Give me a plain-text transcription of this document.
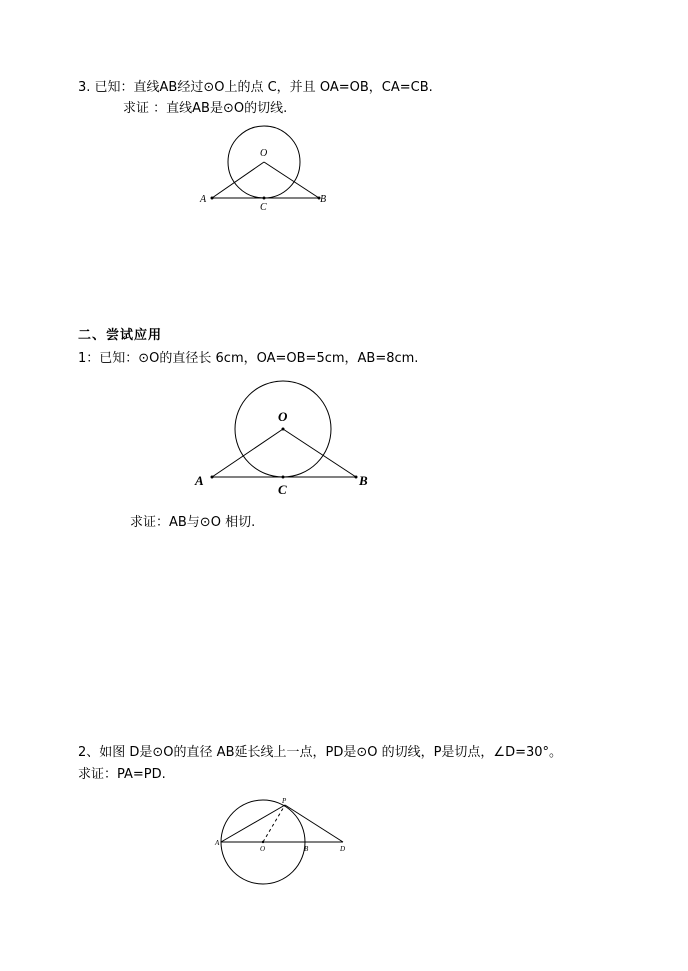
3. 已知：直线AB经过⊙O上的点 C，并且 OA=OB，CA=CB.
求证 ：直线AB是⊙O的切线.
O
A	B
C
二、尝试应用
1：已知：⊙O的直径长 6cm，OA=OB=5cm，AB=8cm.
O
A	B
C
求证：AB与⊙O 相切.
2、如图 D是⊙O的直径 AB延长线上一点，PD是⊙O 的切线，P是切点，∠D=30°。
求证：PA=PD.
P
A
O	B	D
